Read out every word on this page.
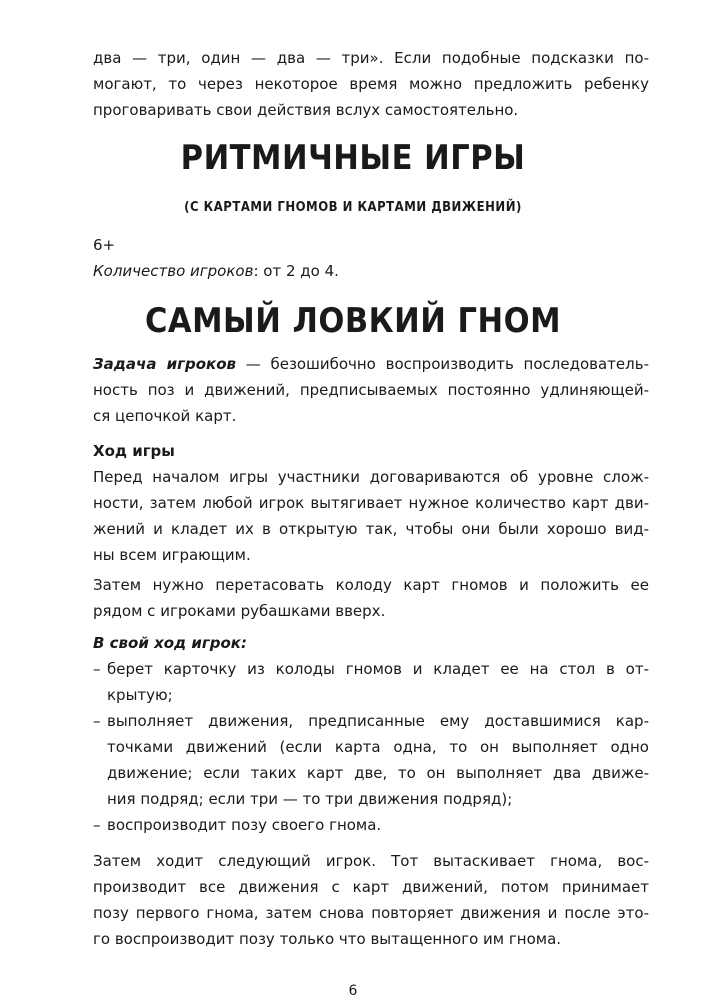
два — три, один — два — три». Если подобные подсказки по-
могают, то через некоторое время можно предложить ребенку
проговаривать свои действия вслух самостоятельно.
РИТМИЧНЫЕ ИГРЫ
(С КАРТАМИ ГНОМОВ И КАРТАМИ ДВИЖЕНИЙ)
6+
Количество игроков: от 2 до 4.
САМЫЙ ЛОВКИЙ ГНОМ
Задача игроков — безошибочно воспроизводить последователь-
ность поз и движений, предписываемых постоянно удлиняющей-
ся цепочкой карт.
Ход игры
Перед началом игры участники договариваются об уровне слож-
ности, затем любой игрок вытягивает нужное количество карт дви-
жений и кладет их в открытую так, чтобы они были хорошо вид-
ны всем играющим.
Затем нужно перетасовать колоду карт гномов и положить ее
рядом с игроками рубашками вверх.
В свой ход игрок:
– берет карточку из колоды гномов и кладет ее на стол в от-
крытую;
– выполняет движения, предписанные ему доставшимися кар-
точками движений (если карта одна, то он выполняет одно
движение; если таких карт две, то он выполняет два движе-
ния подряд; если три — то три движения подряд);
– воспроизводит позу своего гнома.
Затем ходит следующий игрок. Тот вытаскивает гнома, вос-
производит все движения с карт движений, потом принимает
позу первого гнома, затем снова повторяет движения и после это-
го воспроизводит позу только что вытащенного им гнома.
6
